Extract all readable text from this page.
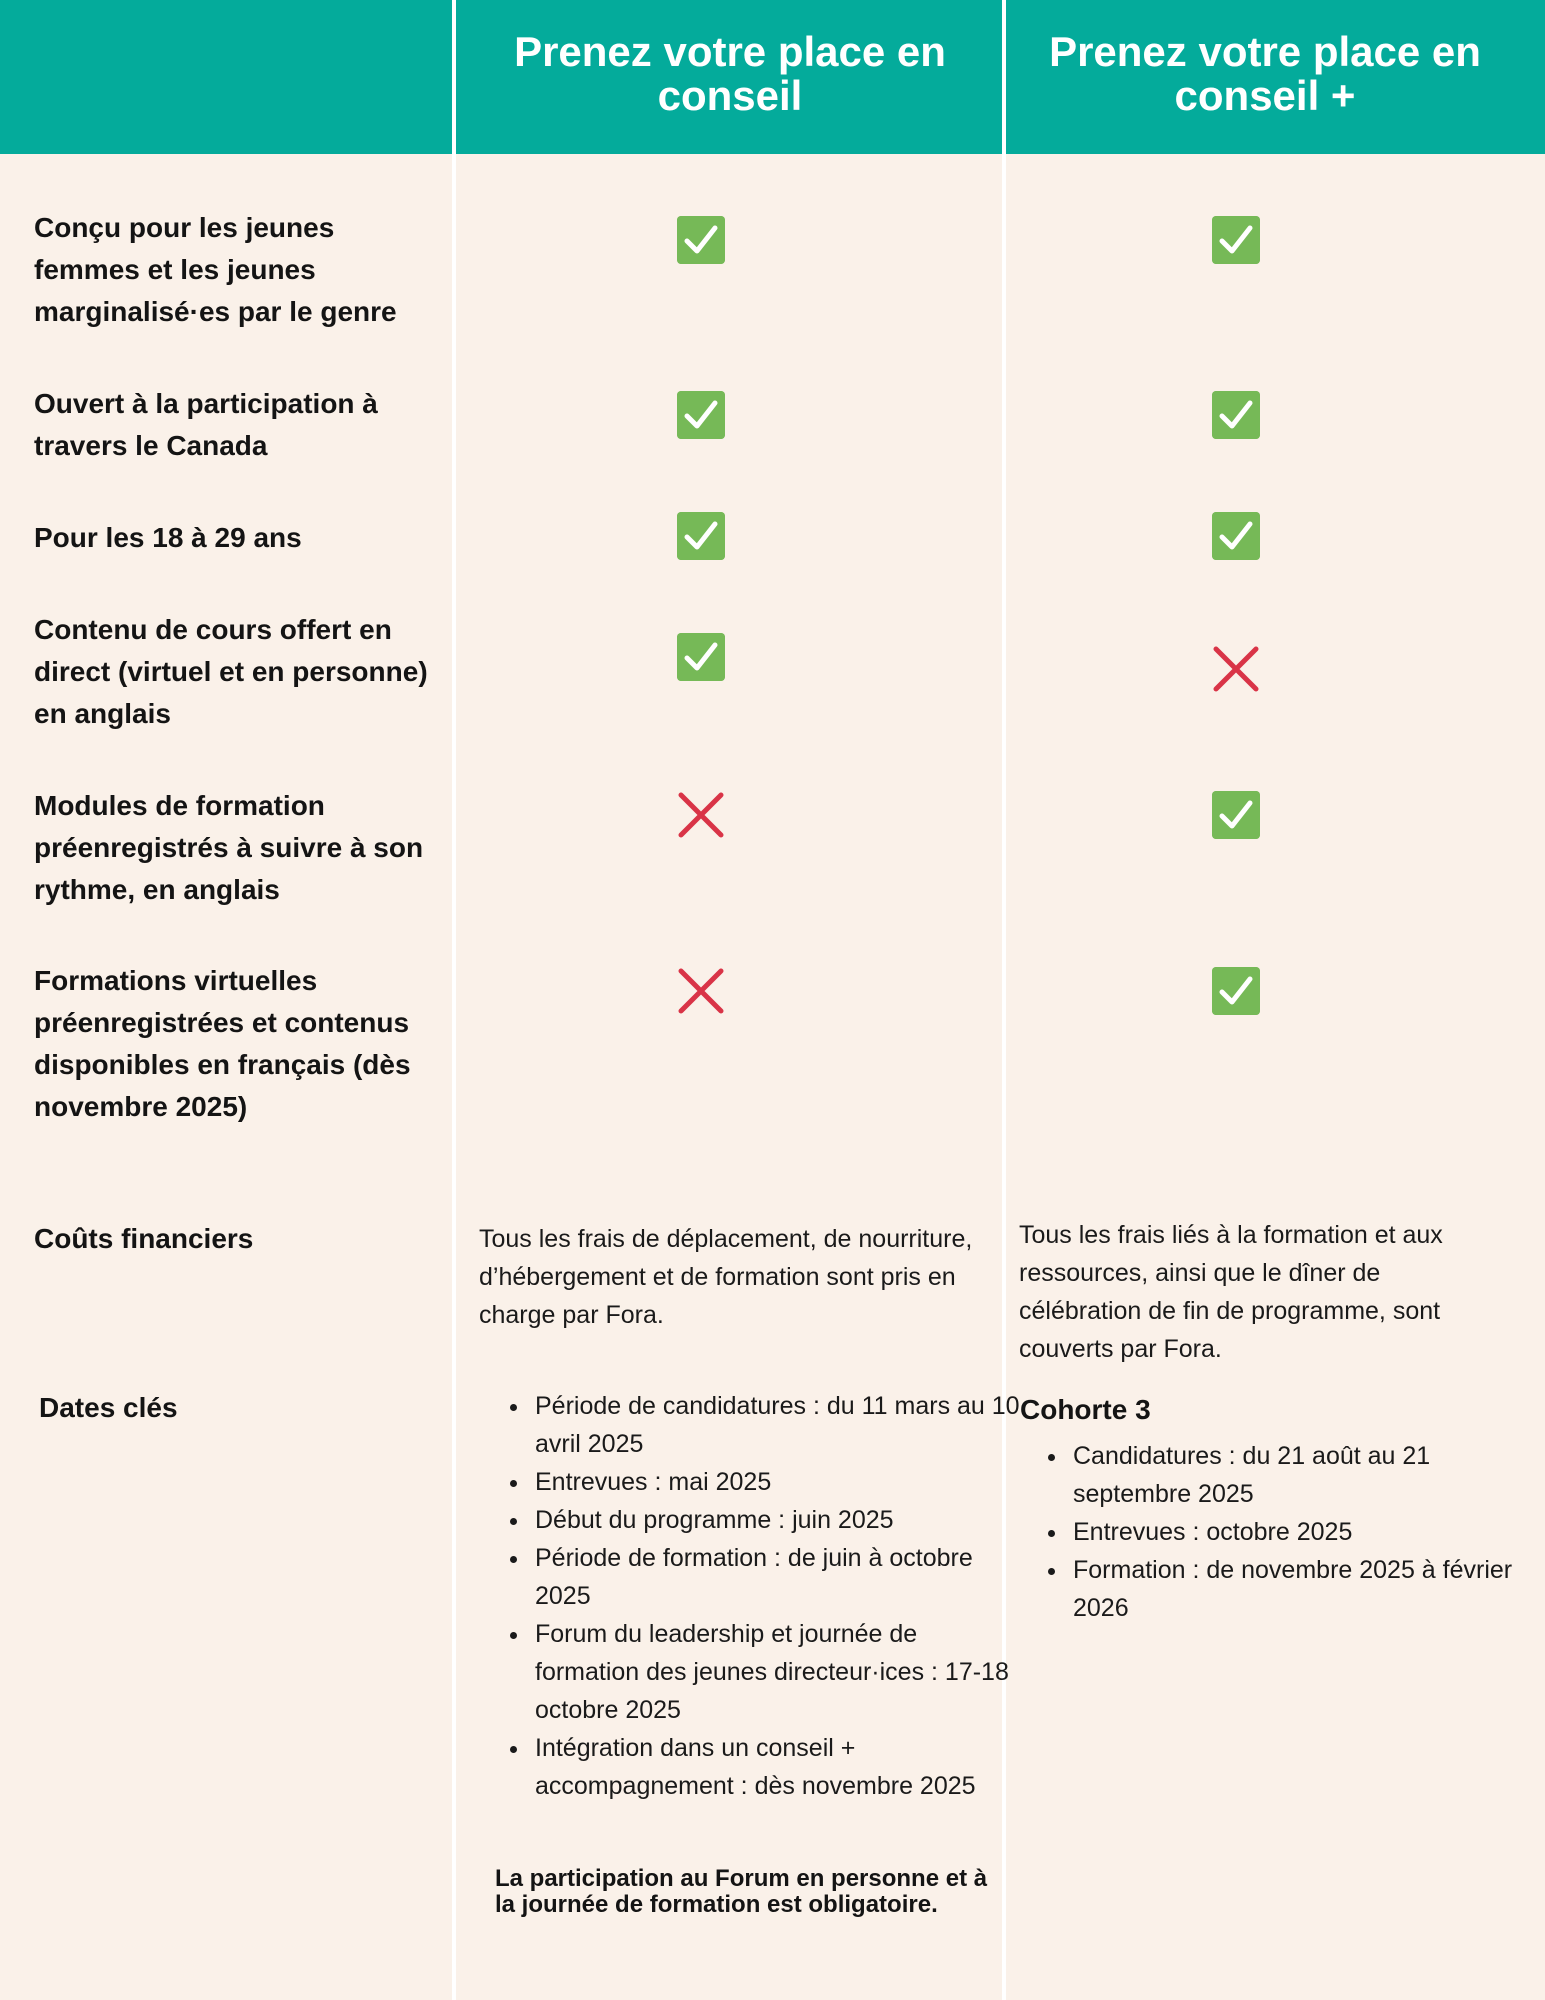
Prenez votre place en conseil
Prenez votre place en conseil +
Conçu pour les jeunes femmes et les jeunes marginalisé·es par le genre
Ouvert à la participation à travers le Canada
Pour les 18 à 29 ans
Contenu de cours offert en direct (virtuel et en personne) en anglais
Modules de formation préenregistrés à suivre à son rythme, en anglais
Formations virtuelles préenregistrées et contenus disponibles en français (dès novembre 2025)
Coûts financiers	Tous les frais de déplacement, de nourriture, d’hébergement et de formation sont pris en charge par Fora.
Tous les frais liés à la formation et aux ressources, ainsi que le dîner de célébration de fin de programme, sont couverts par Fora.
Dates clés	• Période de candidatures : du 11 mars au 10 avril 2025
• Entrevues : mai 2025
• Début du programme : juin 2025
• Période de formation : de juin à octobre 2025
• Forum du leadership et journée de formation des jeunes directeur·ices : 17-18 octobre 2025
• Intégration dans un conseil + accompagnement : dès novembre 2025
La participation au Forum en personne et à la journée de formation est obligatoire.
Cohorte 3
• Candidatures : du 21 août au 21 septembre 2025
• Entrevues : octobre 2025
• Formation : de novembre 2025 à février 2026
